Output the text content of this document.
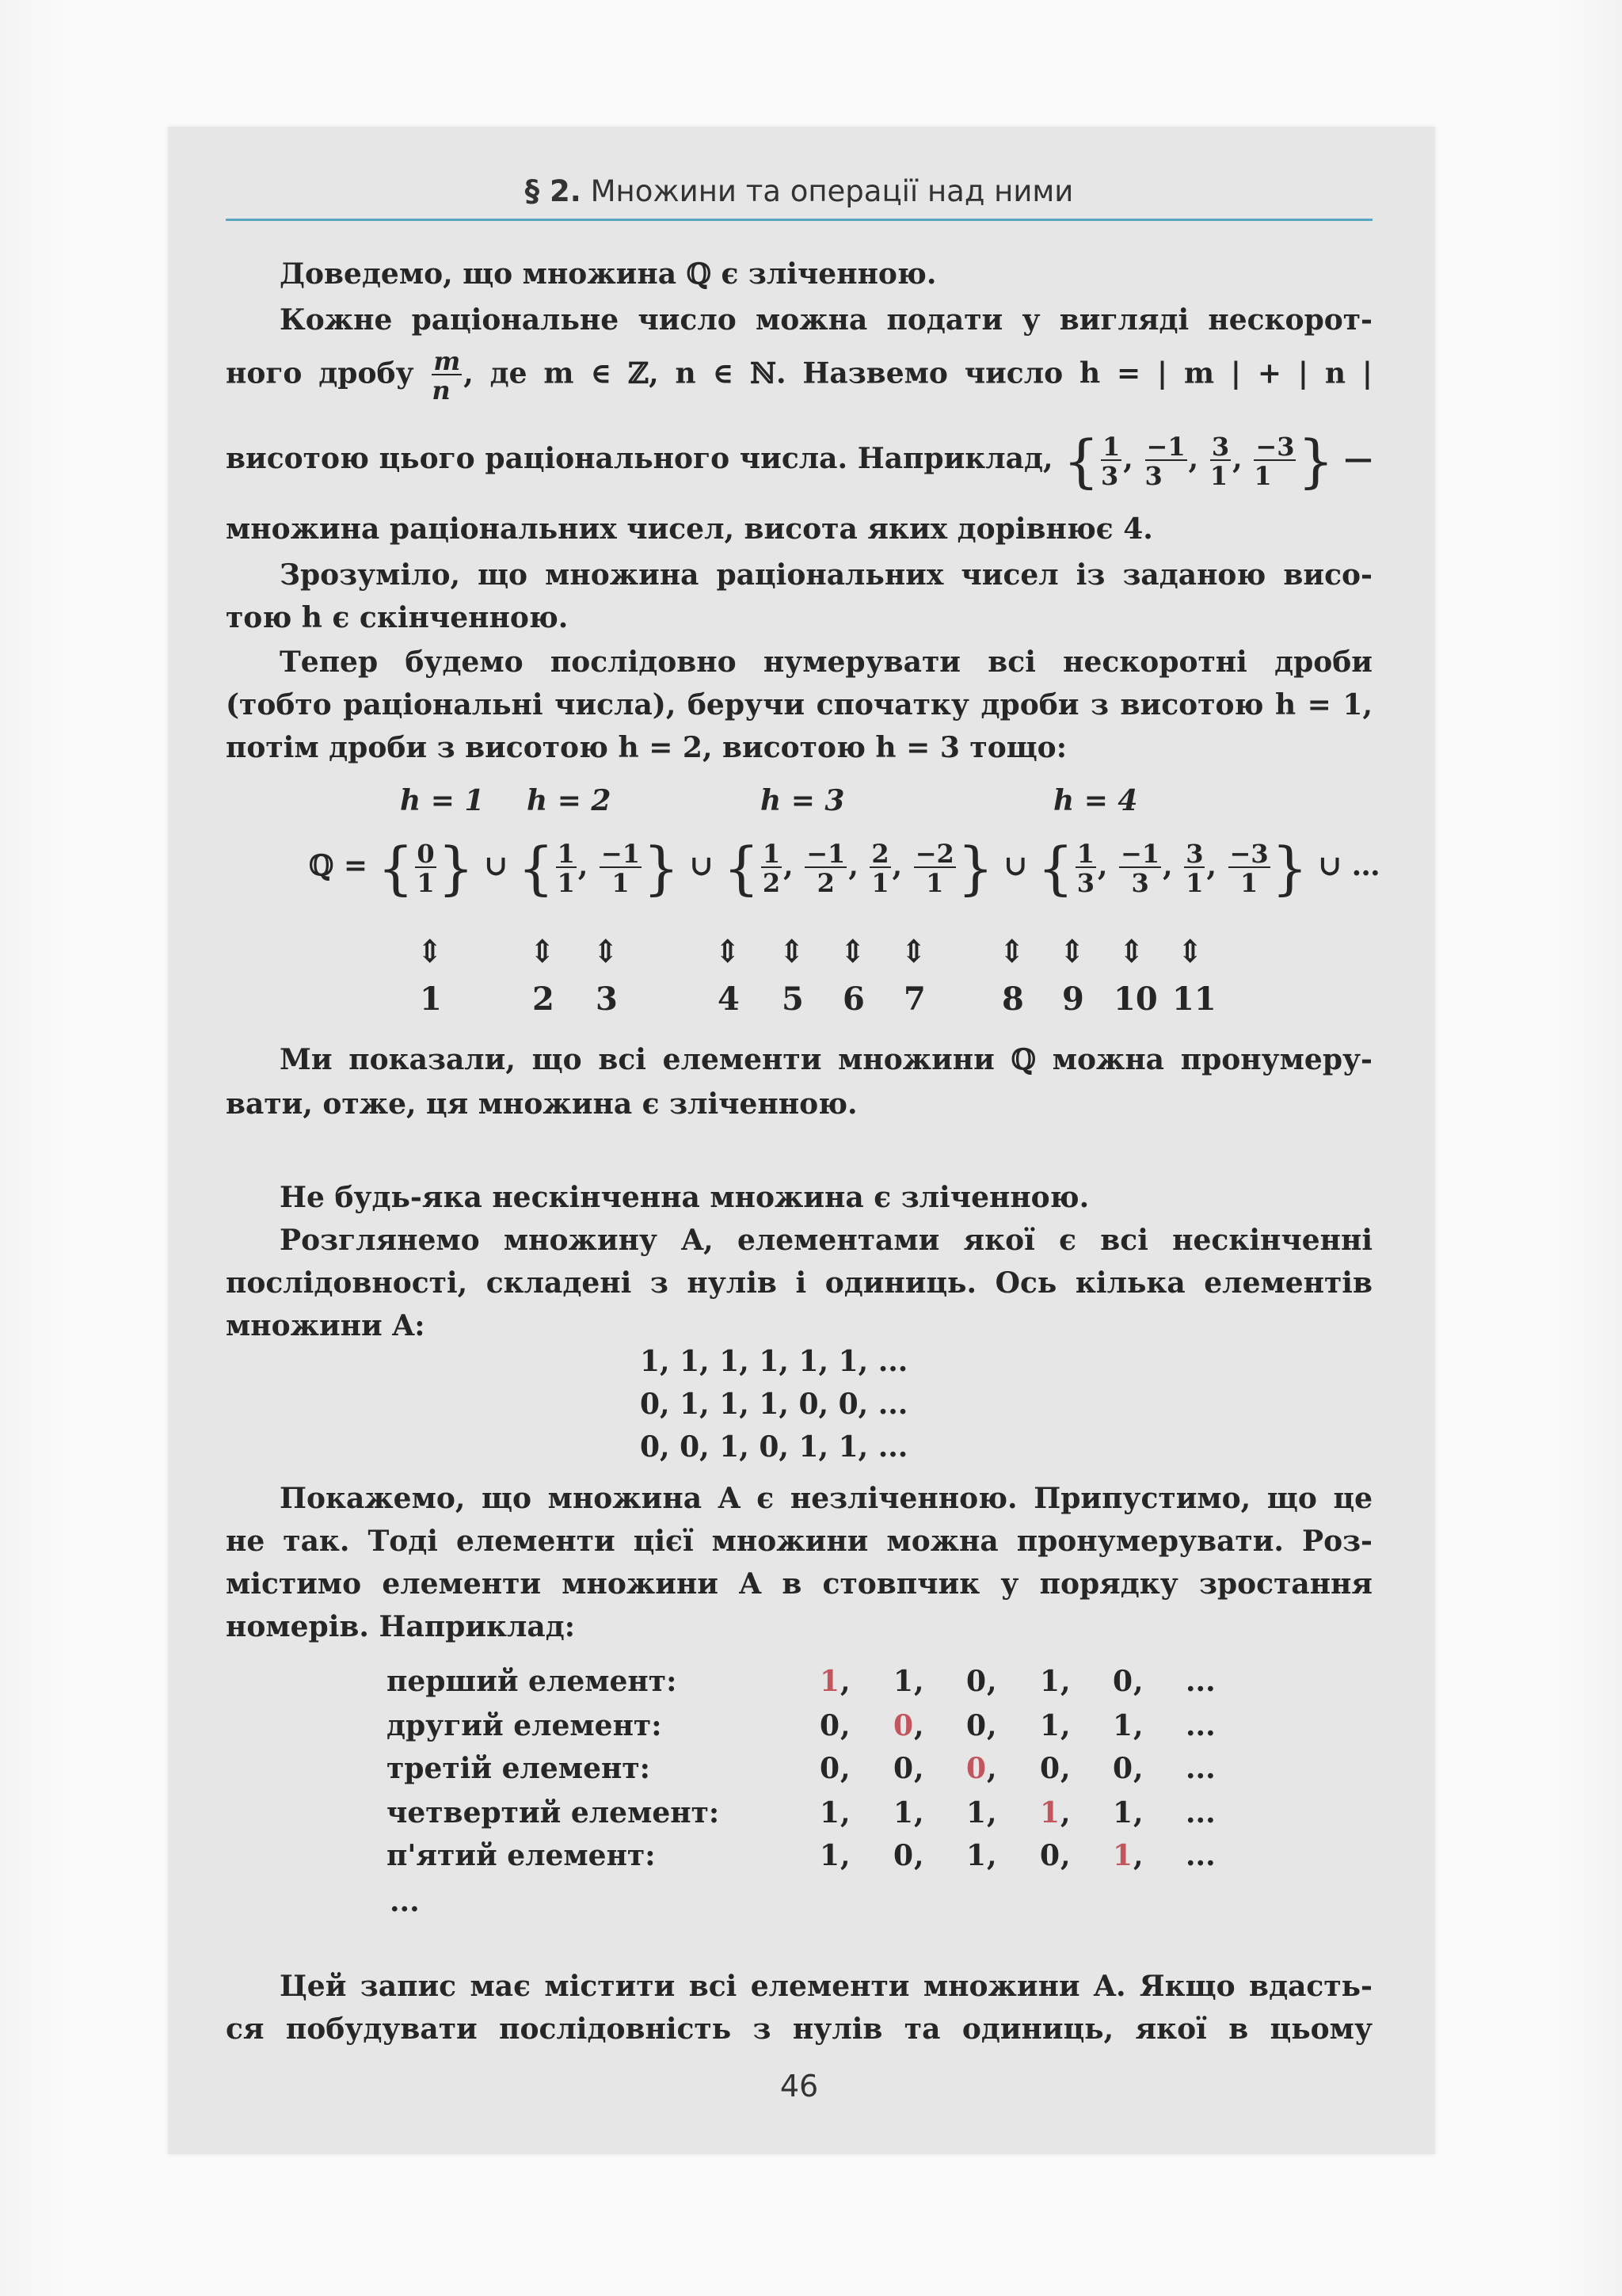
§ 2. Множини та операції над ними
Доведемо, що множина ℚ є зліченною.
Кожне раціональне число можна подати у вигляді нескорот-
ного дробу $\frac{m}{n}$ , де m ∈ ℤ, n ∈ ℕ. Назвемо число h = | m | + | n |
висотою цього раціонального числа. Наприклад, { $\frac{1}{3}$ , $\frac{-1}{3}$ , $\frac{3}{1}$ , $\frac{-3}{1}$ } —
множина раціональних чисел, висота яких дорівнює 4.
Зрозуміло, що множина раціональних чисел із заданою висо-
тою h є скінченною.
Тепер будемо послідовно нумерувати всі нескоротні дроби
(тобто раціональні числа), беручи спочатку дроби з висотою h = 1,
потім дроби з висотою h = 2, висотою h = 3 тощо:
h = 1 h = 2	h = 3	h = 4
ℚ = { $\frac{0}{1}$ } ∪ { $\frac{1}{1}$ , $\frac{-1}{1}$ } ∪ { $\frac{1}{2}$ , $\frac{-1}{2}$ , $\frac{2}{1}$ , $\frac{-2}{1}$ } ∪ { $\frac{1}{3}$ , $\frac{-1}{3}$ , $\frac{3}{1}$ , $\frac{-3}{1}$ } ∪ …
⇕	⇕ ⇕	⇕ ⇕ ⇕ ⇕ ⇕ ⇕ ⇕ ⇕
1	2 3	4 5 6 7 8 9 10 11
Ми показали, що всі елементи множини ℚ можна пронумеру-
вати, отже, ця множина є зліченною.
Не будь-яка нескінченна множина є зліченною.
Розглянемо множину A, елементами якої є всі нескінченні
послідовності, складені з нулів і одиниць. Ось кілька елементів
множини A:
1, 1, 1, 1, 1, 1, ...
0, 1, 1, 1, 0, 0, ...
0, 0, 1, 0, 1, 1, ...
Покажемо, що множина A є незліченною. Припустимо, що це
не так. Тоді елементи цієї множини можна пронумерувати. Роз-
містимо елементи множини A в стовпчик у порядку зростання
номерів. Наприклад:
перший елемент:	1 , 1 , 0 , 1 , 0 , ...
другий елемент:	0 , 0 , 0 , 1 , 1 , ...
третій елемент:	0 , 0 , 0 , 0 , 0 , ...
четвертий елемент:	1 , 1 , 1 , 1 , 1 , ...
п'ятий елемент:	1 , 0 , 1 , 0 , 1 , ...
...
Цей запис має містити всі елементи множини A. Якщо вдасть-
ся побудувати послідовність з нулів та одиниць, якої в цьому
46
